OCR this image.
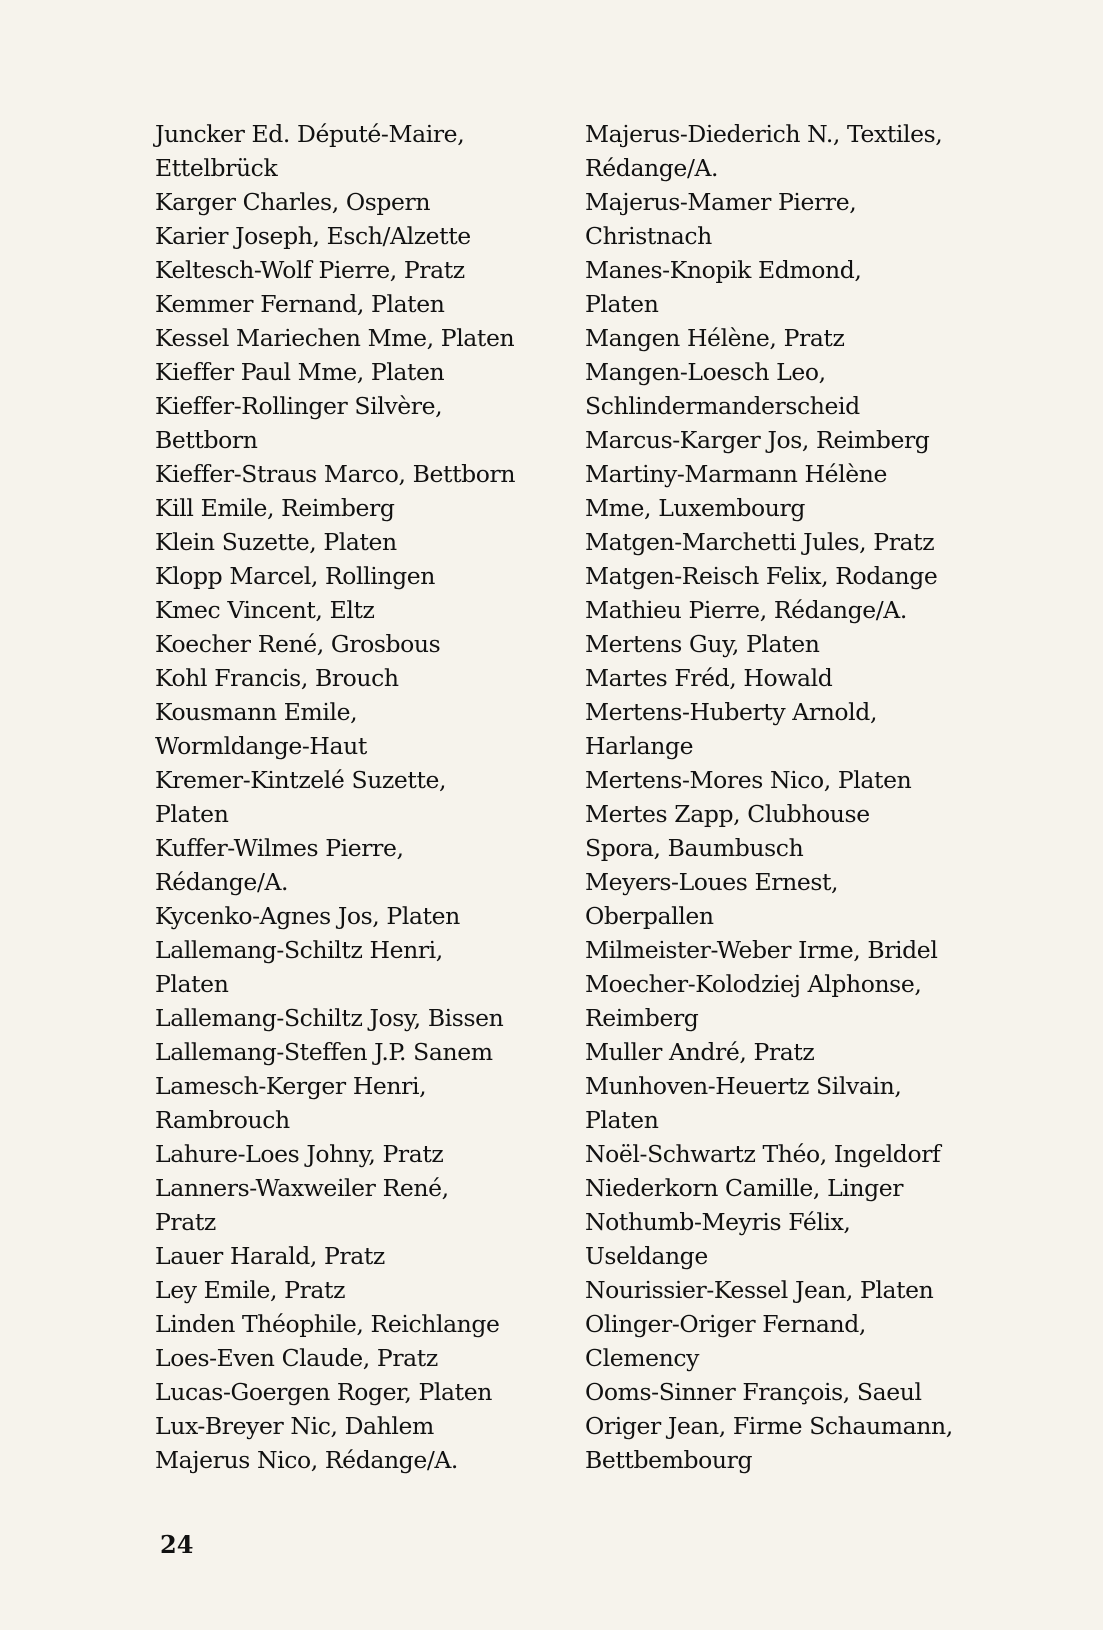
Juncker Ed. Député-Maire,
Ettelbrück
Karger Charles, Ospern
Karier Joseph, Esch/Alzette
Keltesch-Wolf Pierre, Pratz
Kemmer Fernand, Platen
Kessel Mariechen Mme, Platen
Kieffer Paul Mme, Platen
Kieffer-Rollinger Silvère,
Bettborn
Kieffer-Straus Marco, Bettborn
Kill Emile, Reimberg
Klein Suzette, Platen
Klopp Marcel, Rollingen
Kmec Vincent, Eltz
Koecher René, Grosbous
Kohl Francis, Brouch
Kousmann Emile,
Wormldange-Haut
Kremer-Kintzelé Suzette,
Platen
Kuffer-Wilmes Pierre,
Rédange/A.
Kycenko-Agnes Jos, Platen
Lallemang-Schiltz Henri,
Platen
Lallemang-Schiltz Josy, Bissen
Lallemang-Steffen J.P. Sanem
Lamesch-Kerger Henri,
Rambrouch
Lahure-Loes Johny, Pratz
Lanners-Waxweiler René,
Pratz
Lauer Harald, Pratz
Ley Emile, Pratz
Linden Théophile, Reichlange
Loes-Even Claude, Pratz
Lucas-Goergen Roger, Platen
Lux-Breyer Nic, Dahlem
Majerus Nico, Rédange/A.
Majerus-Diederich N., Textiles,
Rédange/A.
Majerus-Mamer Pierre,
Christnach
Manes-Knopik Edmond,
Platen
Mangen Hélène, Pratz
Mangen-Loesch Leo,
Schlindermanderscheid
Marcus-Karger Jos, Reimberg
Martiny-Marmann Hélène
Mme, Luxembourg
Matgen-Marchetti Jules, Pratz
Matgen-Reisch Felix, Rodange
Mathieu Pierre, Rédange/A.
Mertens Guy, Platen
Martes Fréd, Howald
Mertens-Huberty Arnold,
Harlange
Mertens-Mores Nico, Platen
Mertes Zapp, Clubhouse
Spora, Baumbusch
Meyers-Loues Ernest,
Oberpallen
Milmeister-Weber Irme, Bridel
Moecher-Kolodziej Alphonse,
Reimberg
Muller André, Pratz
Munhoven-Heuertz Silvain,
Platen
Noël-Schwartz Théo, Ingeldorf
Niederkorn Camille, Linger
Nothumb-Meyris Félix,
Useldange
Nourissier-Kessel Jean, Platen
Olinger-Origer Fernand,
Clemency
Ooms-Sinner François, Saeul
Origer Jean, Firme Schaumann,
Bettbembourg
24
